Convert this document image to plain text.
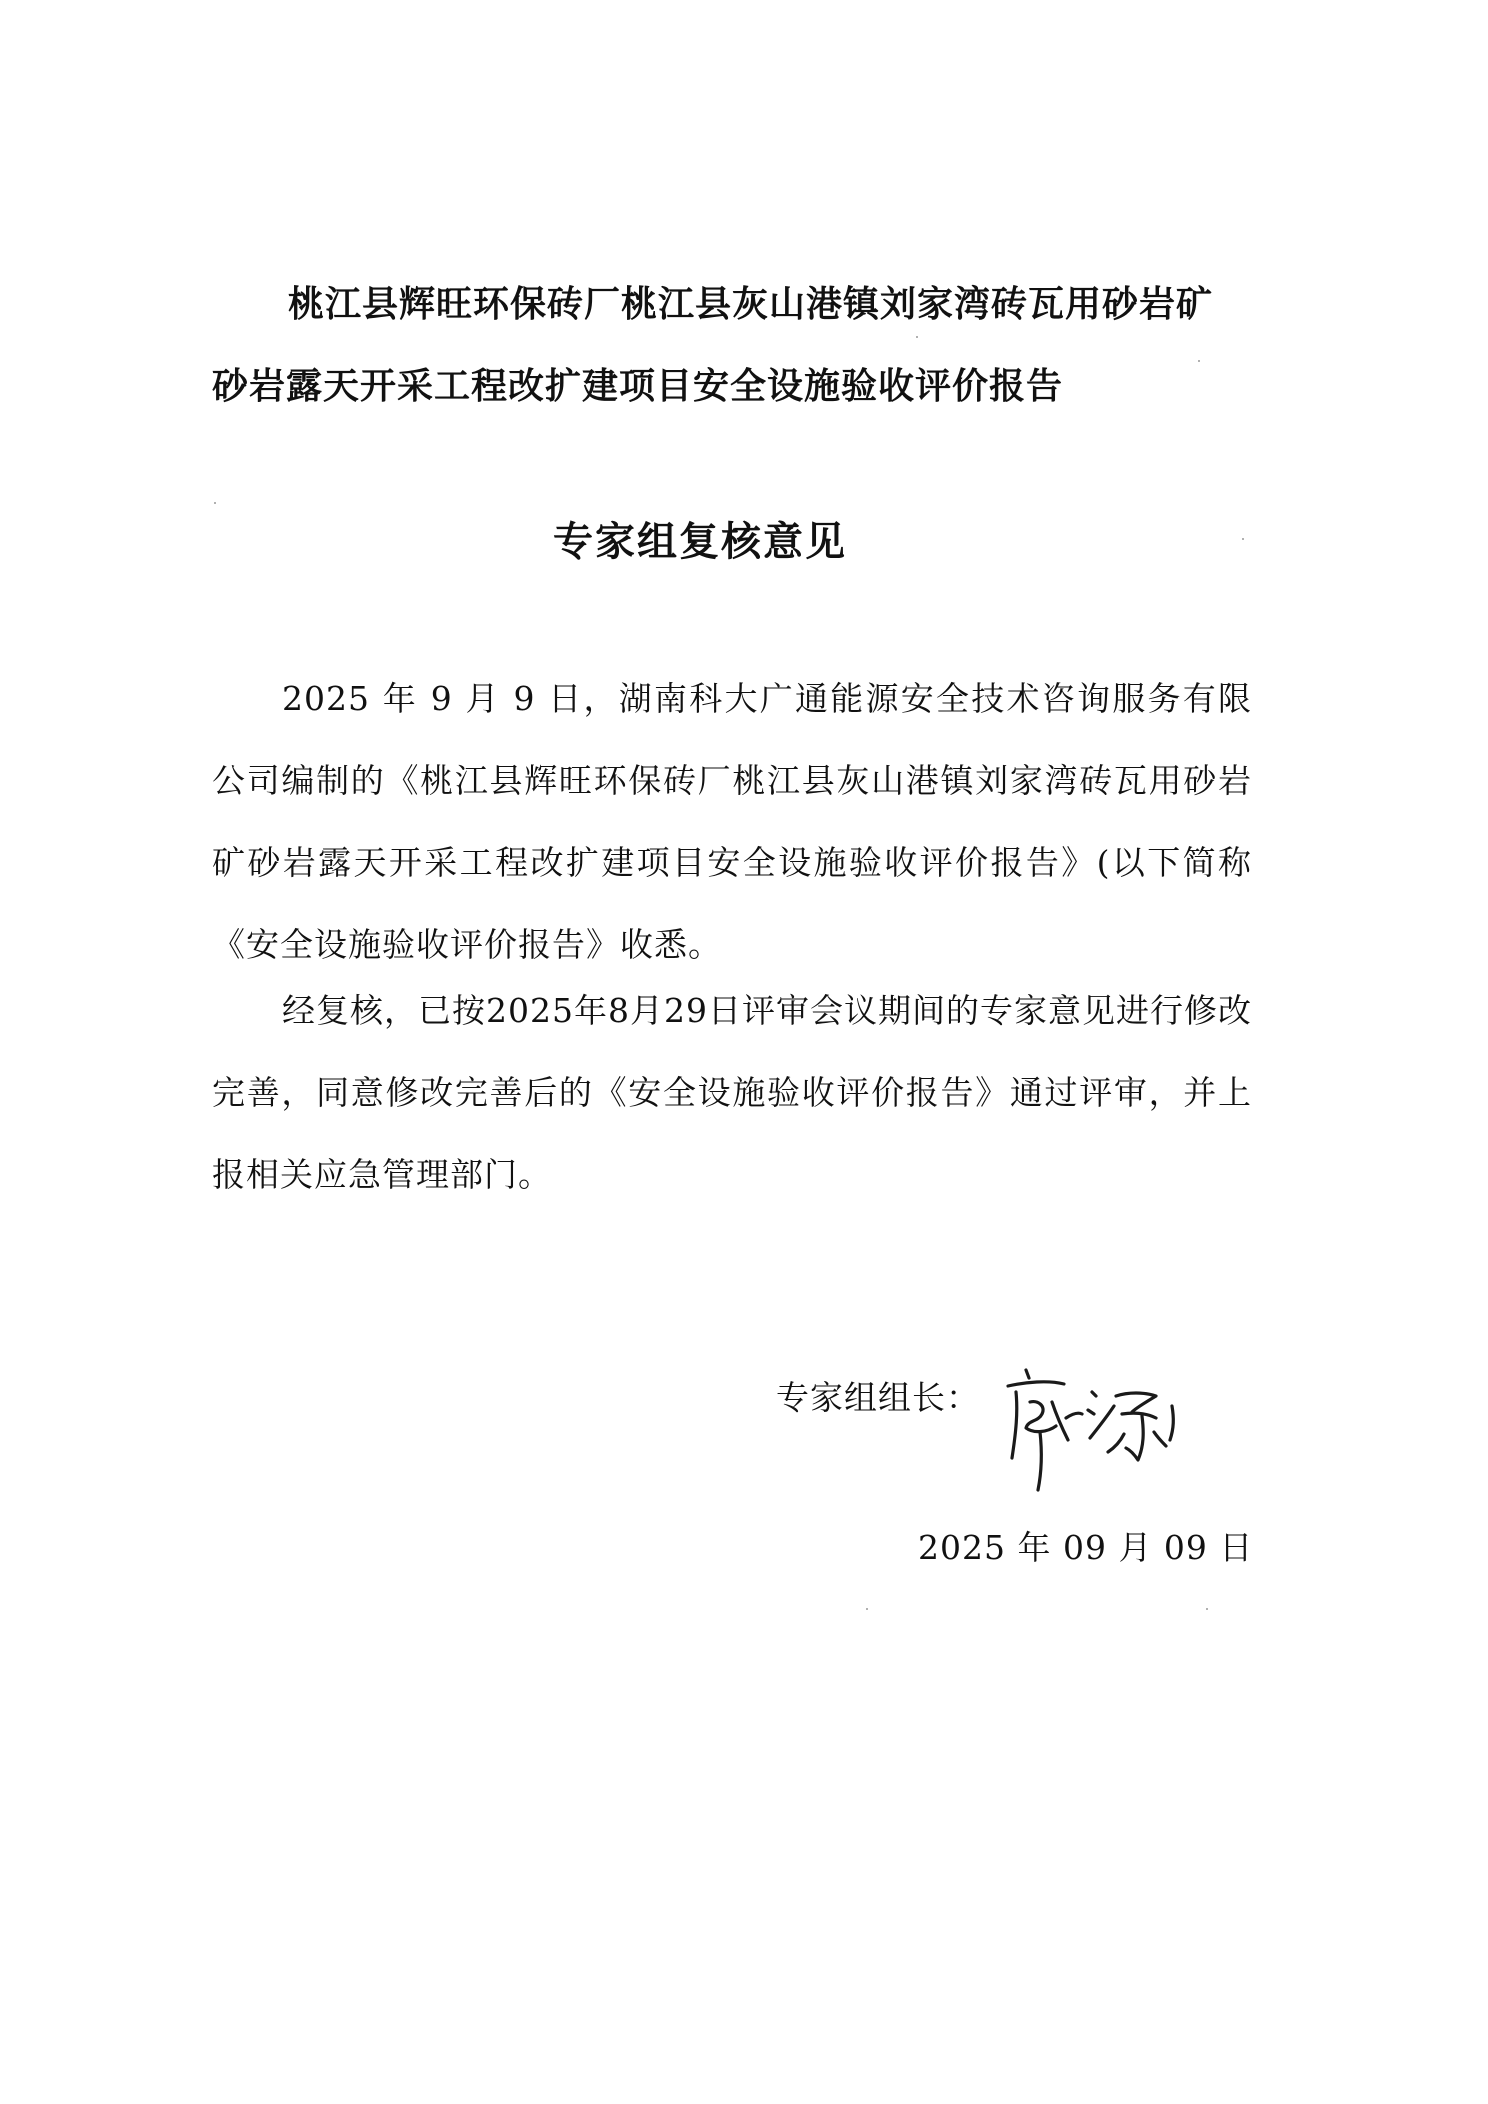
桃江县辉旺环保砖厂桃江县灰山港镇刘家湾砖瓦用砂岩矿
砂岩露天开采工程改扩建项目安全设施验收评价报告
专家组复核意见
2025 年 9 月 9 日，湖南科大广通能源安全技术咨询服务有限公司编制的《桃江县辉旺环保砖厂桃江县灰山港镇刘家湾砖瓦用砂岩矿砂岩露天开采工程改扩建项目安全设施验收评价报告》(以下简称《安全设施验收评价报告》收悉。
经复核，已按2025年8月29日评审会议期间的专家意见进行修改完善，同意修改完善后的《安全设施验收评价报告》通过评审，并上报相关应急管理部门。
专家组组长：
2025 年 09 月 09 日
